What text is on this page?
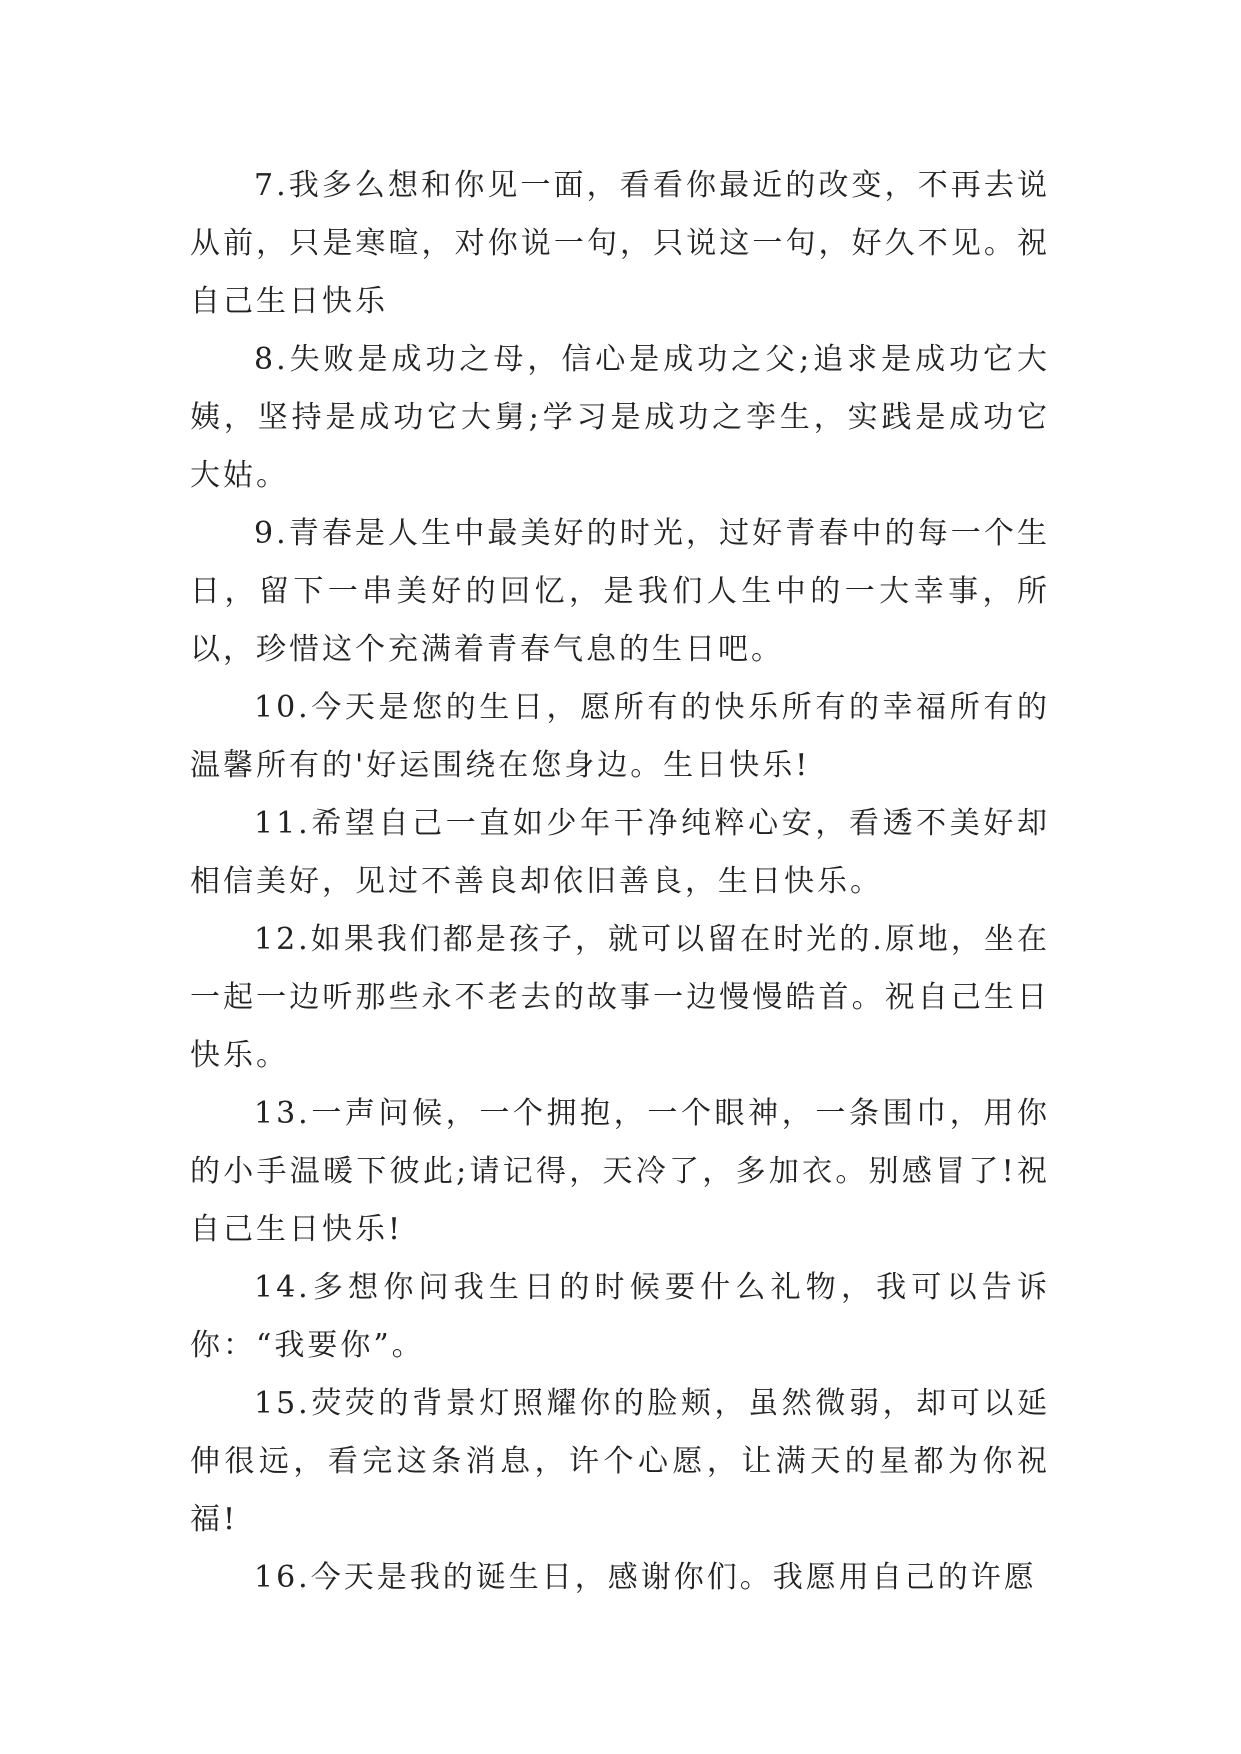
7.我多么想和你见一面，看看你最近的改变，不再去说从前，只是寒暄，对你说一句，只说这一句，好久不见。祝自己生日快乐

8.失败是成功之母，信心是成功之父;追求是成功它大姨，坚持是成功它大舅;学习是成功之孪生，实践是成功它大姑。

9.青春是人生中最美好的时光，过好青春中的每一个生日，留下一串美好的回忆，是我们人生中的一大幸事，所以，珍惜这个充满着青春气息的生日吧。

10.今天是您的生日，愿所有的快乐所有的幸福所有的温馨所有的'好运围绕在您身边。生日快乐!

11.希望自己一直如少年干净纯粹心安，看透不美好却相信美好，见过不善良却依旧善良，生日快乐。

12.如果我们都是孩子，就可以留在时光的.原地，坐在一起一边听那些永不老去的故事一边慢慢皓首。祝自己生日快乐。

13.一声问候，一个拥抱，一个眼神，一条围巾，用你的小手温暖下彼此;请记得，天冷了，多加衣。别感冒了!祝自己生日快乐!

14.多想你问我生日的时候要什么礼物，我可以告诉你：“我要你”。

15.荧荧的背景灯照耀你的脸颊，虽然微弱，却可以延伸很远，看完这条消息，许个心愿，让满天的星都为你祝福!

16.今天是我的诞生日，感谢你们。我愿用自己的许愿
